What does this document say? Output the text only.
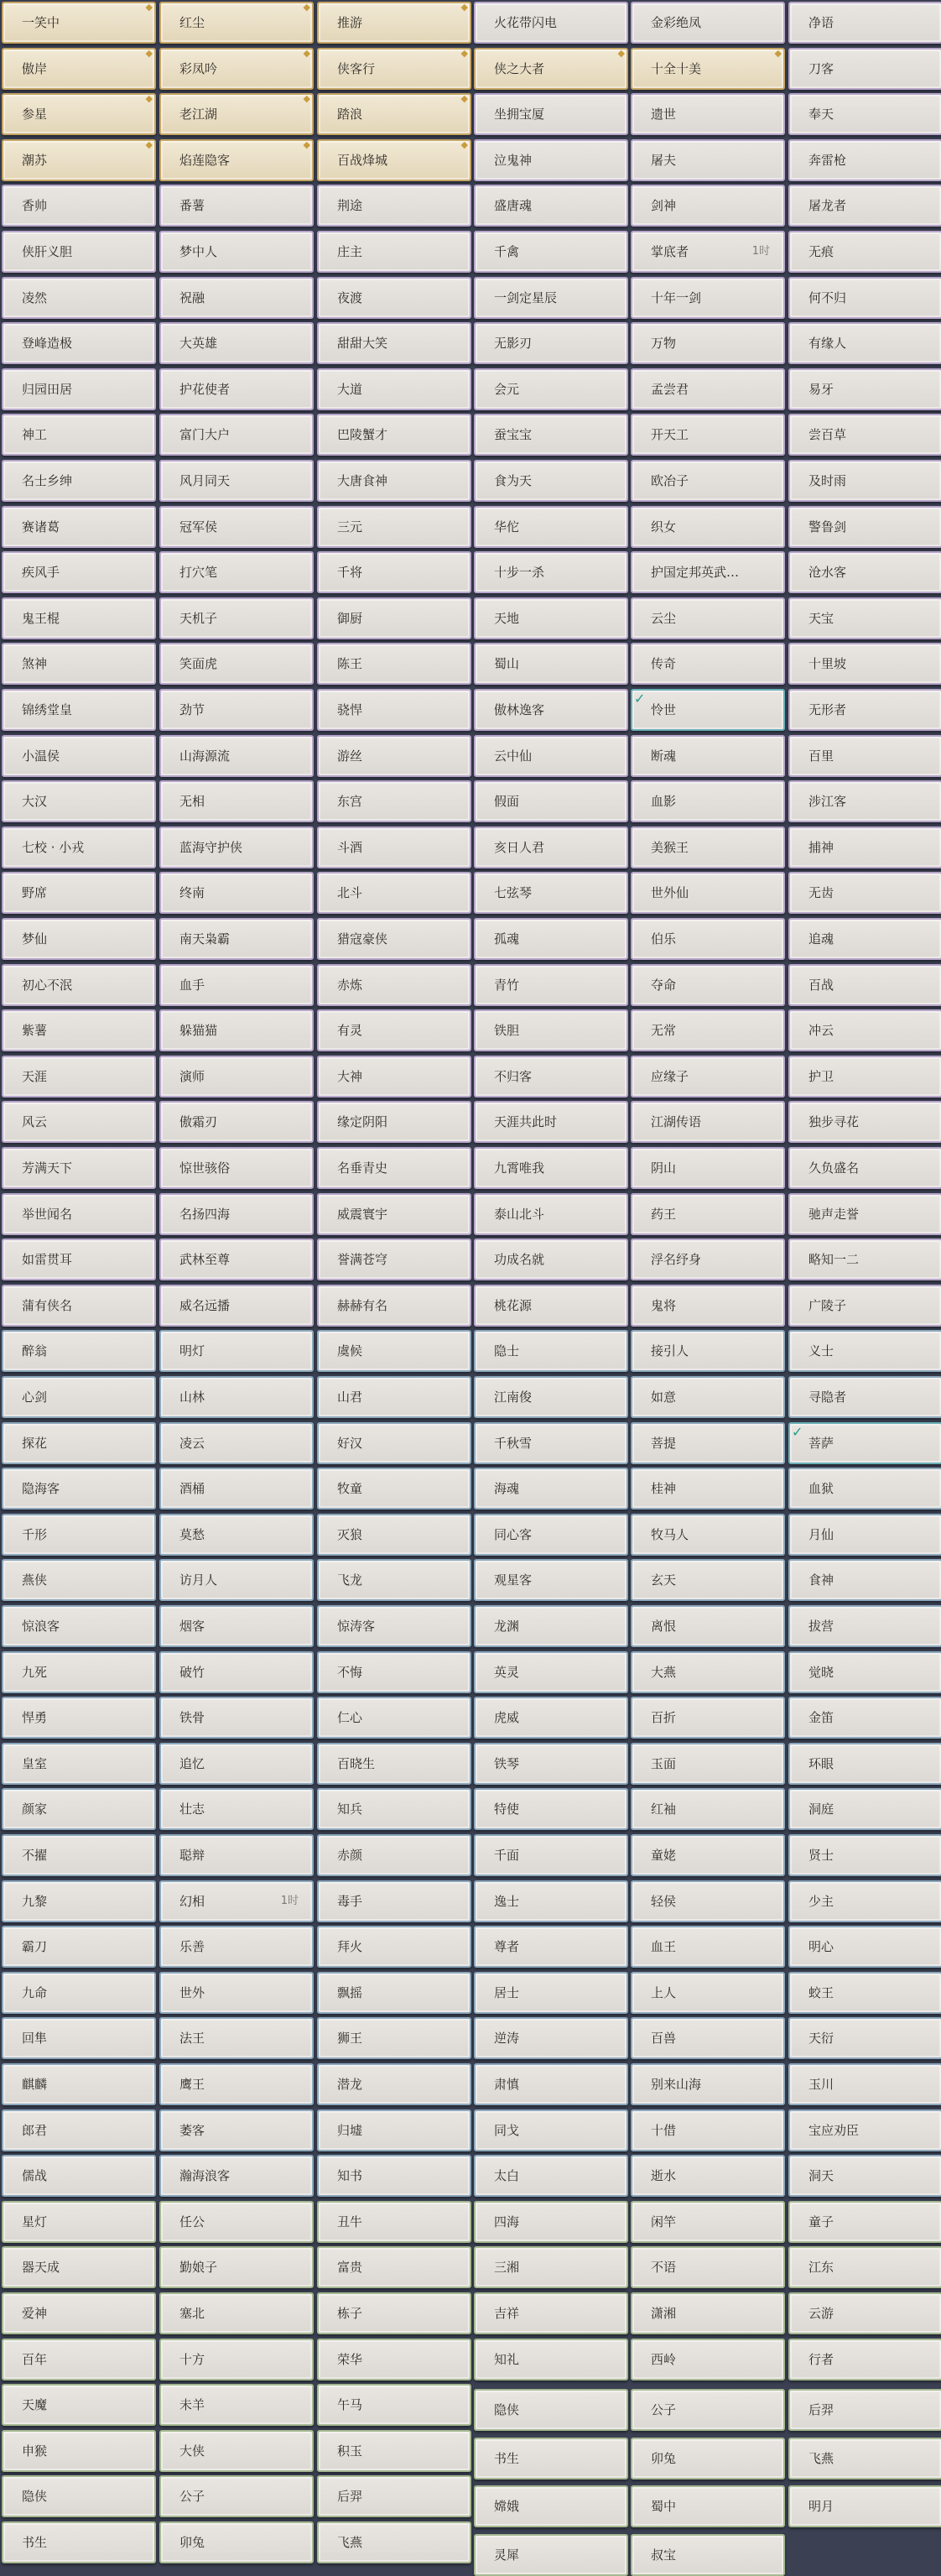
◆
一笑中
◆
傲岸
◆
参星
◆
潮苏
香帅
侠肝义胆
凌然
登峰造极
归园田居
神工
名士乡绅
赛诸葛
疾风手
鬼王棍
煞神
锦绣堂皇
小温侯
大汉
七校 · 小戎
野席
梦仙
初心不泯
紫薯
天涯
风云
芳满天下
举世闻名
如雷贯耳
蒲有侠名
醉翁
心剑
探花
隐海客
千形
燕侠
惊浪客
九死
悍勇
皇室
颜家
不擢
九黎
霸刀
九命
回隼
麒麟
郎君
儒战
星灯
器天成
爱神
百年
天魔
申猴
隐侠
书生
◆
红尘
◆
彩凤吟
◆
老江湖
◆
焰莲隐客
番薯
梦中人
祝融
大英雄
护花使者
富门大户
风月同天
冠军侯
打穴笔
天机子
笑面虎
劲节
山海源流
无相
蓝海守护侠
终南
南天枭霸
血手
躲猫猫
演师
傲霜刃
惊世骇俗
名扬四海
武林至尊
威名远播
明灯
山林
凌云
酒桶
莫愁
访月人
烟客
破竹
铁骨
追忆
壮志
聪辩
幻相	1时
乐善
世外
法王
鹰王
萎客
瀚海浪客
任公
勤娘子
塞北
十方
未羊
大侠
公子
卯兔
◆
推游
◆
侠客行
◆
踏浪
◆
百战烽城
荆途
庄主
夜渡
甜甜大笑
大道
巴陵蟹才
大唐食神
三元
千将
御厨
陈王
骁悍
游丝
东宫
斗酒
北斗
猎寇豪侠
赤炼
有灵
大神
缘定阴阳
名垂青史
威震寰宇
誉满苍穹
赫赫有名
虞候
山君
好汉
牧童
灭狼
飞龙
惊涛客
不悔
仁心
百晓生
知兵
赤颜
毒手
拜火
飘摇
狮王
潜龙
归墟
知书
丑牛
富贵
栋子
荣华
午马
积玉
后羿
飞燕
火花带闪电
◆
侠之大者
坐拥宝厦
泣鬼神
盛唐魂
千禽
一剑定星辰
无影刃
会元
蚕宝宝
食为天
华佗
十步一杀
天地
蜀山
傲林逸客
云中仙
假面
亥日人君
七弦琴
孤魂
青竹
铁胆
不归客
天涯共此时
九霄唯我
泰山北斗
功成名就
桃花源
隐士
江南俊
千秋雪
海魂
同心客
观星客
龙渊
英灵
虎威
铁琴
特使
千面
逸士
尊者
居士
逆涛
肃慎
同戈
太白
四海
三湘
吉祥
知礼
隐侠
书生
嫦娥
灵犀
金彩绝凤
◆
十全十美
遗世
屠夫
剑神
掌底者	1时
十年一剑
万物
孟尝君
开天工
欧冶子
织女
护国定邦英武…
云尘
传奇
✓
怜世
断魂
血影
美猴王
世外仙
伯乐
夺命
无常
应缘子
江湖传语
阴山
药王
浮名纾身
鬼将
接引人
如意
菩提
桂神
牧马人
玄天
离恨
大燕
百折
玉面
红袖
童姥
轻侯
血王
上人
百兽
别来山海
十借
逝水
闲竿
不语
潇湘
西岭
公子
卯兔
蜀中
叔宝
净语
刀客
奉天
奔雷枪
屠龙者
无痕
何不归
有缘人
易牙
尝百草
及时雨
警鲁剑
沧水客
天宝
十里坡
无形者
百里
涉江客
捕神
无齿
追魂
百战
冲云
护卫
独步寻花
久负盛名
驰声走誉
略知一二
广陵子
义士
寻隐者
✓
菩萨
血狱
月仙
食神
拔营
觉晓
金笛
环眼
洞庭
贤士
少主
明心
蛟王
天衍
玉川
宝应劝臣
洞天
童子
江东
云游
行者
后羿
飞燕
明月
